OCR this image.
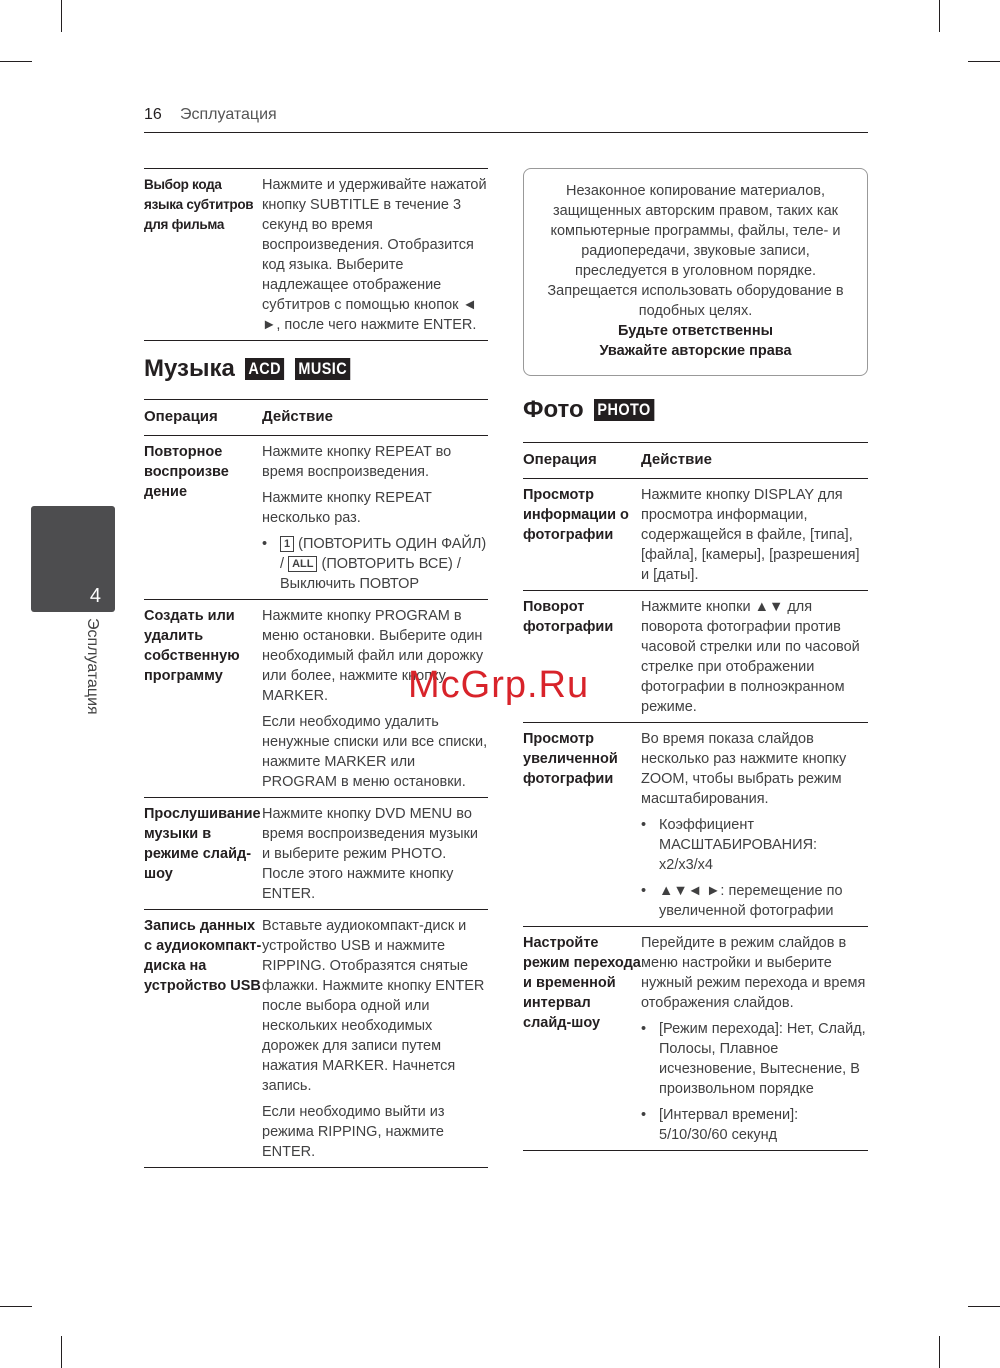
16 Эсплуатация
4
Эсплуатация
Выбор кода языка субтитров для фильма

Нажмите и удерживайте нажатой кнопку SUBTITLE в течение 3 секунд во время воспроизведения. Отобразится код языка. Выберите надлежащее отображение субтитров с помощью кнопок ◄ ►, после чего нажмите ENTER.

Музыка ACD MUSIC
Операция	Действие
Повторное воспроизве дение

Нажмите кнопку REPEAT во время воспроизведения.

Нажмите кнопку REPEAT несколько раз.

• 1 (ПОВТОРИТЬ ОДИН ФАЙЛ) / ALL (ПОВТОРИТЬ ВСЕ) / Выключить ПОВТОР
Создать или удалить собственную программу

Нажмите кнопку PROGRAM в меню остановки. Выберите один необходимый файл или дорожку или более, нажмите кнопку MARKER.

Если необходимо удалить ненужные списки или все списки, нажмите MARKER или PROGRAM в меню остановки.

Прослушивание музыки в режиме слайд-шоу

Нажмите кнопку DVD MENU во время воспроизведения музыки и выберите режим PHOTO. После этого нажмите кнопку ENTER.

Запись данных с аудиокомпакт-диска на устройство USB

Вставьте аудиокомпакт-диск и устройство USB и нажмите RIPPING. Отобразятся снятые флажки. Нажмите кнопку ENTER после выбора одной или нескольких необходимых дорожек для записи путем нажатия MARKER. Начнется запись.

Если необходимо выйти из режима RIPPING, нажмите ENTER.

Незаконное копирование материалов, защищенных авторским правом, таких как компьютерные программы, файлы, теле- и радиопередачи, звуковые записи, преследуется в уголовном порядке. Запрещается использовать оборудование в подобных целях.
Будьте ответственны
Уважайте авторские права
Фото PHOTO
Операция	Действие
Просмотр информации о фотографии

Нажмите кнопку DISPLAY для просмотра информации, содержащейся в файле, [типа], [файла], [камеры], [разрешения] и [даты].

Поворот фотографии

Нажмите кнопки ▲▼ для поворота фотографии против часовой стрелки или по часовой стрелке при отображении фотографии в полноэкранном режиме.

Просмотр увеличенной фотографии

Во время показа слайдов несколько раз нажмите кнопку ZOOM, чтобы выбрать режим масштабирования.

• Коэффициент МАСШТАБИРОВАНИЯ: x2/x3/x4
• ▲▼◄ ►: перемещение по увеличенной фотографии
Настройте режим перехода и временной интервал слайд-шоу

Перейдите в режим слайдов в меню настройки и выберите нужный режим перехода и время отображения слайдов.

• [Режим перехода]: Нет, Слайд, Полосы, Плавное исчезновение, Вытеснение, В произвольном порядке
• [Интервал времени]: 5/10/30/60 секунд
McGrp.Ru
